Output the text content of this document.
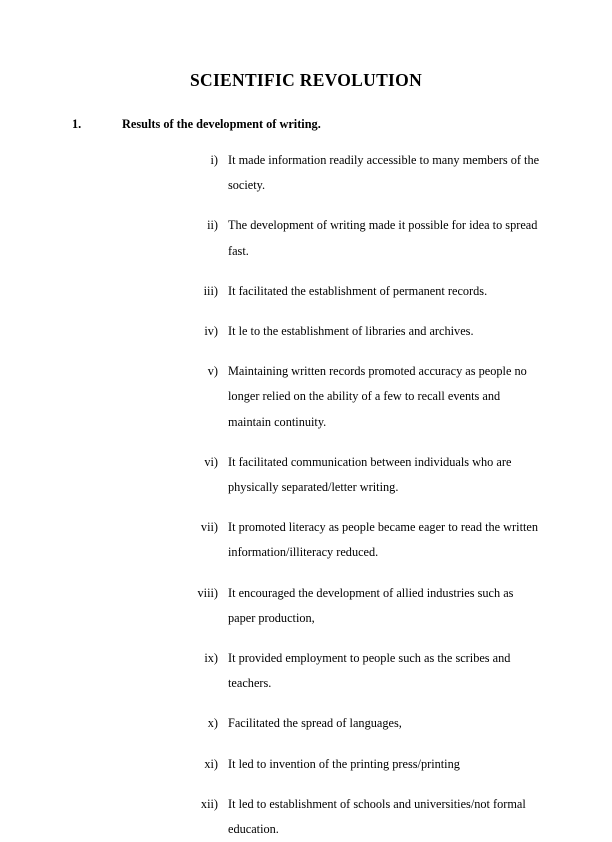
SCIENTIFIC REVOLUTION
1.	Results of the development of writing.
i) It made information readily accessible to many members of the society.
ii) The development of writing made it possible for idea to spread fast.
iii) It facilitated the establishment of permanent records.
iv) It le to the establishment of libraries and archives.
v) Maintaining written records promoted accuracy as people no longer relied on the ability of a few to recall events and maintain continuity.
vi) It facilitated communication between individuals who are physically separated/letter writing.
vii) It promoted literacy as people became eager to read the written information/illiteracy reduced.
viii) It encouraged the development of allied industries such as paper production,
ix) It provided employment to people such as the scribes and teachers.
x) Facilitated the spread of languages,
xi) It led to invention of the printing press/printing
xii) It led to establishment of schools and universities/not formal education.
